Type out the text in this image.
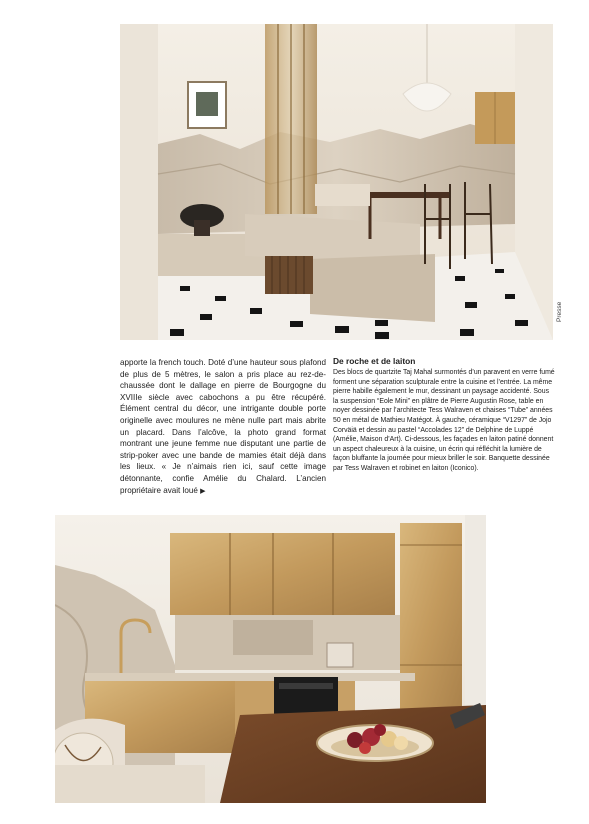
Presse
apporte la french touch. Doté d’une hauteur sous plafond de plus de 5 mètres, le salon a pris place au rez-de-chaussée dont le dallage en pierre de Bourgogne du XVIIIe siècle avec cabochons a pu être récupéré. Élément central du décor, une intrigante double porte originelle avec moulures ne mène nulle part mais abrite un placard. Dans l’alcôve, la photo grand format montrant une jeune femme nue disputant une partie de strip-poker avec une bande de mamies était déjà dans les lieux. « Je n’aimais rien ici, sauf cette image détonnante, confie Amélie du Chalard. L’ancien propriétaire avait loué ▶
De roche et de laiton

Des blocs de quartzite Taj Mahal surmontés d’un paravent en verre fumé forment une séparation sculpturale entre la cuisine et l’entrée. La même pierre habille également le mur, dessinant un paysage accidenté. Sous la suspension “Eole Mini” en plâtre de Pierre Augustin Rose, table en noyer dessinée par l’architecte Tess Walraven et chaises “Tube” années 50 en métal de Mathieu Matégot. À gauche, céramique “V1297” de Jojo Corväiä et dessin au pastel “Accolades 12” de Delphine de Luppé (Amélie, Maison d’Art). Ci-dessous, les façades en laiton patiné donnent un aspect chaleureux à la cuisine, un écrin qui réfléchit la lumière de façon bluffante la journée pour mieux briller le soir. Banquette dessinée par Tess Walraven et robinet en laiton (Iconico).
